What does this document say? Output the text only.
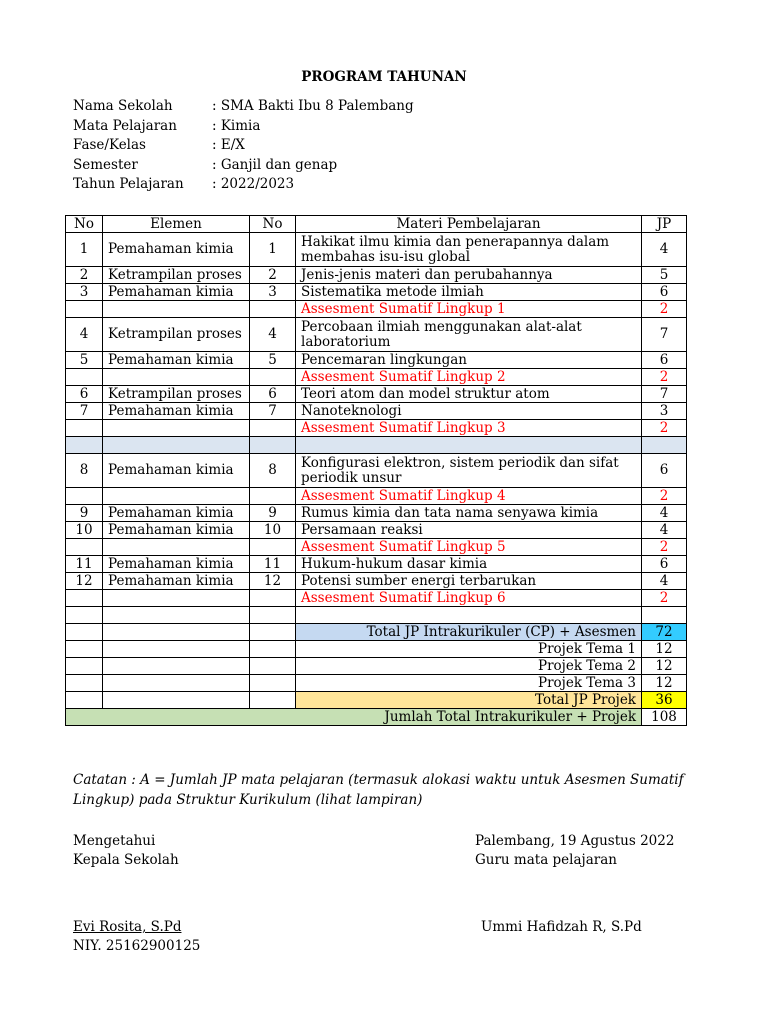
PROGRAM TAHUNAN
Nama Sekolah	: SMA Bakti Ibu 8 Palembang
Mata Pelajaran	: Kimia
Fase/Kelas	: E/X
Semester	: Ganjil dan genap
Tahun Pelajaran : 2022/2023
No	Elemen	No	Materi Pembelajaran	JP
1	Pemahaman kimia	1	Hakikat ilmu kimia dan penerapannya dalam membahas isu-isu global	4
2	Ketrampilan proses	2	Jenis-jenis materi dan perubahannya	5
3	Pemahaman kimia	3	Sistematika metode ilmiah	6
			Assesment Sumatif Lingkup 1	2
4	Ketrampilan proses	4	Percobaan ilmiah menggunakan alat-alat laboratorium	7
5	Pemahaman kimia	5	Pencemaran lingkungan	6
			Assesment Sumatif Lingkup 2	2
6	Ketrampilan proses	6	Teori atom dan model struktur atom	7
7	Pemahaman kimia	7	Nanoteknologi	3
			Assesment Sumatif Lingkup 3	2

8	Pemahaman kimia	8	Konfigurasi elektron, sistem periodik dan sifat periodik unsur	6
			Assesment Sumatif Lingkup 4	2
9	Pemahaman kimia	9	Rumus kimia dan tata nama senyawa kimia	4
10	Pemahaman kimia	10	Persamaan reaksi	4
			Assesment Sumatif Lingkup 5	2
11	Pemahaman kimia	11	Hukum-hukum dasar kimia	6
12	Pemahaman kimia	12	Potensi sumber energi terbarukan	4
			Assesment Sumatif Lingkup 6	2

			Total JP Intrakurikuler (CP) + Asesmen	72
			Projek Tema 1	12
			Projek Tema 2	12
			Projek Tema 3	12
			Total JP Projek	36
Jumlah Total Intrakurikuler + Projek				108
Catatan : A = Jumlah JP mata pelajaran (termasuk alokasi waktu untuk Asesmen Sumatif Lingkup) pada Struktur Kurikulum (lihat lampiran)
Mengetahui
Kepala Sekolah
Palembang, 19 Agustus 2022
Guru mata pelajaran
Evi Rosita, S.Pd
NIY. 25162900125
Ummi Hafidzah R, S.Pd
